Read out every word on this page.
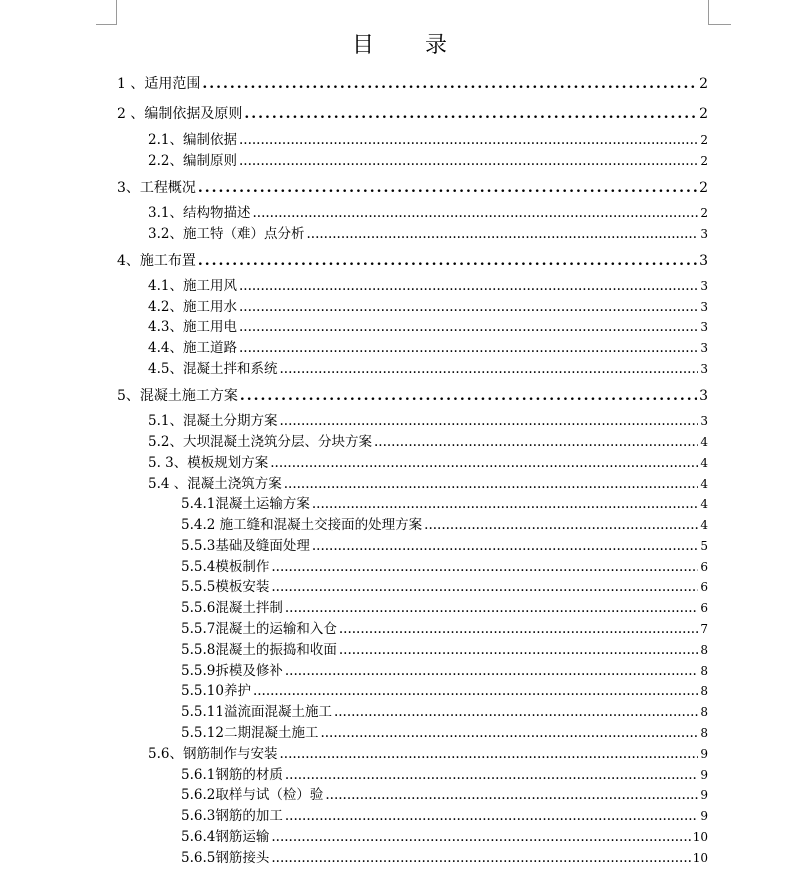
目 录
1 、适用范围 .....	2
2 、编制依据及原则 .....	2
2.1、编制依据 .....	2
2.2、编制原则 .....	2
3、工程概况 .....	2
3.1、结构物描述 .....	2
3.2、施工特（难）点分析 .....	3
4、施工布置 .....	3
4.1、施工用风 .....	3
4.2、施工用水 .....	3
4.3、施工用电 .....	3
4.4、施工道路 .....	3
4.5、混凝土拌和系统 .....	3
5、混凝土施工方案 .....	3
5.1、混凝土分期方案 .....	3
5.2、大坝混凝土浇筑分层、分块方案 .....	4
5. 3、模板规划方案 .....	4
5.4 、混凝土浇筑方案 .....	4
5.4.1混凝土运输方案 .....	4
5.4.2 施工缝和混凝土交接面的处理方案 .....	4
5.5.3基础及缝面处理 .....	5
5.5.4模板制作 .....	6
5.5.5模板安装 .....	6
5.5.6混凝土拌制 .....	6
5.5.7混凝土的运输和入仓 .....	7
5.5.8混凝土的振捣和收面 .....	8
5.5.9拆模及修补 .....	8
5.5.10养护 .....	8
5.5.11溢流面混凝土施工 .....	8
5.5.12二期混凝土施工 .....	8
5.6、钢筋制作与安装 .....	9
5.6.1钢筋的材质 .....	9
5.6.2取样与试（检）验 .....	9
5.6.3钢筋的加工 .....	9
5.6.4钢筋运输 .....	10
5.6.5钢筋接头 .....	10
